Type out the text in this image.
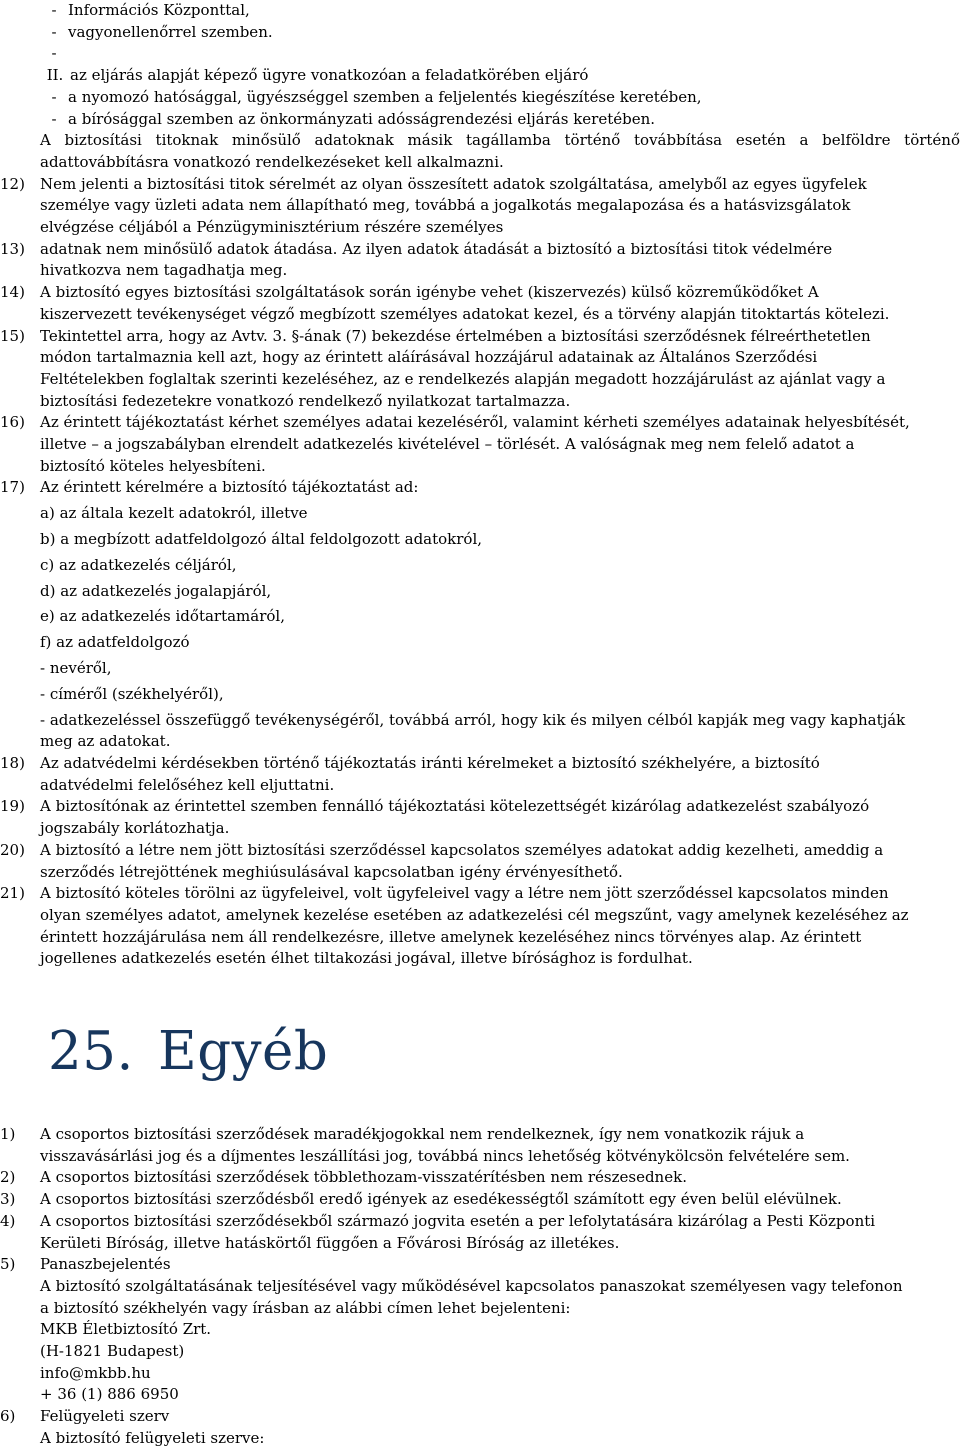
- Információs Központtal,
- vagyonellenőrrel szemben.
-
II. az eljárás alapját képező ügyre vonatkozóan a feladatkörében eljáró
- a nyomozó hatósággal, ügyészséggel szemben a feljelentés kiegészítése keretében,
- a bírósággal szemben az önkormányzati adósságrendezési eljárás keretében.
A biztosítási titoknak minősülő adatoknak másik tagállamba történő továbbítása esetén a belföldre történő
adattovábbításra vonatkozó rendelkezéseket kell alkalmazni.
12)	Nem jelenti a biztosítási titok sérelmét az olyan összesített adatok szolgáltatása, amelyből az egyes ügyfelek
személye vagy üzleti adata nem állapítható meg, továbbá a jogalkotás megalapozása és a hatásvizsgálatok
elvégzése céljából a Pénzügyminisztérium részére személyes
13)	adatnak nem minősülő adatok átadása. Az ilyen adatok átadását a biztosító a biztosítási titok védelmére
hivatkozva nem tagadhatja meg.
14)	A biztosító egyes biztosítási szolgáltatások során igénybe vehet (kiszervezés) külső közreműködőket A
kiszervezett tevékenységet végző megbízott személyes adatokat kezel, és a törvény alapján titoktartás kötelezi.
15)	Tekintettel arra, hogy az Avtv. 3. §-ának (7) bekezdése értelmében a biztosítási szerződésnek félreérthetetlen
módon tartalmaznia kell azt, hogy az érintett aláírásával hozzájárul adatainak az Általános Szerződési
Feltételekben foglaltak szerinti kezeléséhez, az e rendelkezés alapján megadott hozzájárulást az ajánlat vagy a
biztosítási fedezetekre vonatkozó rendelkező nyilatkozat tartalmazza.
16)	Az érintett tájékoztatást kérhet személyes adatai kezeléséről, valamint kérheti személyes adatainak helyesbítését,
illetve – a jogszabályban elrendelt adatkezelés kivételével – törlését. A valóságnak meg nem felelő adatot a
biztosító köteles helyesbíteni.
17)	Az érintett kérelmére a biztosító tájékoztatást ad:
a) az általa kezelt adatokról, illetve
b) a megbízott adatfeldolgozó által feldolgozott adatokról,
c) az adatkezelés céljáról,
d) az adatkezelés jogalapjáról,
e) az adatkezelés időtartamáról,
f) az adatfeldolgozó
- nevéről,
- címéről (székhelyéről),
- adatkezeléssel összefüggő tevékenységéről, továbbá arról, hogy kik és milyen célból kapják meg vagy kaphatják
meg az adatokat.
18)	Az adatvédelmi kérdésekben történő tájékoztatás iránti kérelmeket a biztosító székhelyére, a biztosító
adatvédelmi felelőséhez kell eljuttatni.
19)	A biztosítónak az érintettel szemben fennálló tájékoztatási kötelezettségét kizárólag adatkezelést szabályozó
jogszabály korlátozhatja.
20)	A biztosító a létre nem jött biztosítási szerződéssel kapcsolatos személyes adatokat addig kezelheti, ameddig a
szerződés létrejöttének meghiúsulásával kapcsolatban igény érvényesíthető.
21)	A biztosító köteles törölni az ügyfeleivel, volt ügyfeleivel vagy a létre nem jött szerződéssel kapcsolatos minden
olyan személyes adatot, amelynek kezelése esetében az adatkezelési cél megszűnt, vagy amelynek kezeléséhez az
érintett hozzájárulása nem áll rendelkezésre, illetve amelynek kezeléséhez nincs törvényes alap. Az érintett
jogellenes adatkezelés esetén élhet tiltakozási jogával, illetve bírósághoz is fordulhat.
25. Egyéb
1)	A csoportos biztosítási szerződések maradékjogokkal nem rendelkeznek, így nem vonatkozik rájuk a
visszavásárlási jog és a díjmentes leszállítási jog, továbbá nincs lehetőség kötvénykölcsön felvételére sem.
2)	A csoportos biztosítási szerződések többlethozam-visszatérítésben nem részesednek.
3)	A csoportos biztosítási szerződésből eredő igények az esedékességtől számított egy éven belül elévülnek.
4)	A csoportos biztosítási szerződésekből származó jogvita esetén a per lefolytatására kizárólag a Pesti Központi
Kerületi Bíróság, illetve hatáskörtől függően a Fővárosi Bíróság az illetékes.
5)	Panaszbejelentés
A biztosító szolgáltatásának teljesítésével vagy működésével kapcsolatos panaszokat személyesen vagy telefonon
a biztosító székhelyén vagy írásban az alábbi címen lehet bejelenteni:
MKB Életbiztosító Zrt.
(H-1821 Budapest)
info@mkbb.hu
+ 36 (1) 886 6950
6)	Felügyeleti szerv
A biztosító felügyeleti szerve:
